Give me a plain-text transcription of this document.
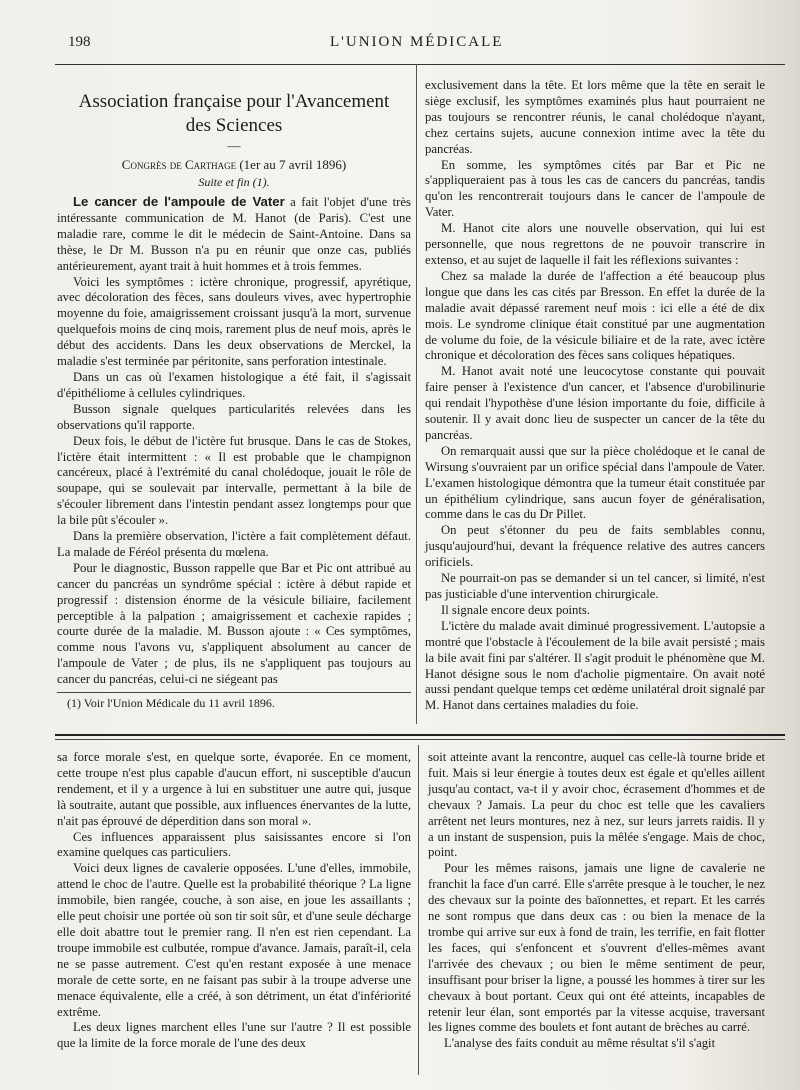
198	L'UNION MÉDICALE
Association française pour l'Avancement
des Sciences
—
Congrès de Carthage (1er au 7 avril 1896)
Suite et fin (1).

Le cancer de l'ampoule de Vater a fait l'objet d'une très intéressante communication de M. Hanot (de Paris). C'est une maladie rare, comme le dit le médecin de Saint-Antoine. Dans sa thèse, le Dr M. Busson n'a pu en réunir que onze cas, publiés antérieurement, ayant trait à huit hommes et à trois femmes.

Voici les symptômes : ictère chronique, progressif, apyrétique, avec décoloration des fèces, sans douleurs vives, avec hypertrophie moyenne du foie, amaigrissement croissant jusqu'à la mort, survenue quelquefois moins de cinq mois, rarement plus de neuf mois, après le début des accidents. Dans les deux observations de Merckel, la maladie s'est terminée par péritonite, sans perforation intestinale.

Dans un cas où l'examen histologique a été fait, il s'agissait d'épithéliome à cellules cylindriques.

Busson signale quelques particularités relevées dans les observations qu'il rapporte.

Deux fois, le début de l'ictère fut brusque. Dans le cas de Stokes, l'ictère était intermittent : « Il est probable que le champignon cancéreux, placé à l'extrémité du canal cholédoque, jouait le rôle de soupape, qui se soulevait par intervalle, permettant à la bile de s'écouler librement dans l'intestin pendant assez longtemps pour que la bile pût s'écouler ».

Dans la première observation, l'ictère a fait complètement défaut. La malade de Féréol présenta du mœlena.

Pour le diagnostic, Busson rappelle que Bar et Pic ont attribué au cancer du pancréas un syndrôme spécial : ictère à début rapide et progressif : distension énorme de la vésicule biliaire, facilement perceptible à la palpation ; amaigrissement et cachexie rapides ; courte durée de la maladie. M. Busson ajoute : « Ces symptômes, comme nous l'avons vu, s'appliquent absolument au cancer de l'ampoule de Vater ; de plus, ils ne s'appliquent pas toujours au cancer du pancréas, celui-ci ne siégeant pas

(1) Voir l'Union Médicale du 11 avril 1896.

exclusivement dans la tête. Et lors même que la tête en serait le siège exclusif, les symptômes examinés plus haut pourraient ne pas toujours se rencontrer réunis, le canal cholédoque n'ayant, chez certains sujets, aucune connexion intime avec la tête du pancréas.

En somme, les symptômes cités par Bar et Pic ne s'appliqueraient pas à tous les cas de cancers du pancréas, tandis qu'on les rencontrerait toujours dans le cancer de l'ampoule de Vater.

M. Hanot cite alors une nouvelle observation, qui lui est personnelle, que nous regrettons de ne pouvoir transcrire in extenso, et au sujet de laquelle il fait les réflexions suivantes :

Chez sa malade la durée de l'affection a été beaucoup plus longue que dans les cas cités par Bresson. En effet la durée de la maladie avait dépassé rarement neuf mois : ici elle a été de dix mois. Le syndrome clinique était constitué par une augmentation de volume du foie, de la vésicule biliaire et de la rate, avec ictère chronique et décoloration des fèces sans coliques hépatiques.

M. Hanot avait noté une leucocytose constante qui pouvait faire penser à l'existence d'un cancer, et l'absence d'urobilinurie qui rendait l'hypothèse d'une lésion importante du foie, difficile à soutenir. Il y avait donc lieu de suspecter un cancer de la tête du pancréas.

On remarquait aussi que sur la pièce cholédoque et le canal de Wirsung s'ouvraient par un orifice spécial dans l'ampoule de Vater. L'examen histologique démontra que la tumeur était constituée par un épithélium cylindrique, sans aucun foyer de généralisation, comme dans le cas du Dr Pillet.

On peut s'étonner du peu de faits semblables connu, jusqu'aujourd'hui, devant la fréquence relative des autres cancers orificiels.

Ne pourrait-on pas se demander si un tel cancer, si limité, n'est pas justiciable d'une intervention chirurgicale.

Il signale encore deux points.

L'ictère du malade avait diminué progressivement. L'autopsie a montré que l'obstacle à l'écoulement de la bile avait persisté ; mais la bile avait fini par s'altérer. Il s'agit produit le phénomène que M. Hanot désigne sous le nom d'acholie pigmentaire. On avait noté aussi pendant quelque temps cet œdème unilatéral droit signalé par M. Hanot dans certaines maladies du foie.

sa force morale s'est, en quelque sorte, évaporée. En ce moment, cette troupe n'est plus capable d'aucun effort, ni susceptible d'aucun rendement, et il y a urgence à lui en substituer une autre qui, jusque là soutraite, autant que possible, aux influences énervantes de la lutte, n'ait pas éprouvé de déperdition dans son moral ».

Ces influences apparaissent plus saisissantes encore si l'on examine quelques cas particuliers.

Voici deux lignes de cavalerie opposées. L'une d'elles, immobile, attend le choc de l'autre. Quelle est la probabilité théorique ? La ligne immobile, bien rangée, couche, à son aise, en joue les assaillants ; elle peut choisir une portée où son tir soit sûr, et d'une seule décharge elle doit abattre tout le premier rang. Il n'en est rien cependant. La troupe immobile est culbutée, rompue d'avance. Jamais, paraît-il, cela ne se passe autrement. C'est qu'en restant exposée à une menace morale de cette sorte, en ne faisant pas subir à la troupe adverse une menace équivalente, elle a créé, à son détriment, un état d'infériorité extrême.

Les deux lignes marchent elles l'une sur l'autre ? Il est possible que la limite de la force morale de l'une des deux

soit atteinte avant la rencontre, auquel cas celle-là tourne bride et fuit. Mais si leur énergie à toutes deux est égale et qu'elles aillent jusqu'au contact, va-t il y avoir choc, écrasement d'hommes et de chevaux ? Jamais. La peur du choc est telle que les cavaliers arrêtent net leurs montures, nez à nez, sur leurs jarrets raidis. Il y a un instant de suspension, puis la mêlée s'engage. Mais de choc, point.

Pour les mêmes raisons, jamais une ligne de cavalerie ne franchit la face d'un carré. Elle s'arrête presque à le toucher, le nez des chevaux sur la pointe des baïonnettes, et repart. Et les carrés ne sont rompus que dans deux cas : ou bien la menace de la trombe qui arrive sur eux à fond de train, les terrifie, en fait flotter les faces, qui s'enfoncent et s'ouvrent d'elles-mêmes avant l'arrivée des chevaux ; ou bien le même sentiment de peur, insuffisant pour briser la ligne, a poussé les hommes à tirer sur les chevaux à bout portant. Ceux qui ont été atteints, incapables de retenir leur élan, sont emportés par la vitesse acquise, traversant les lignes comme des boulets et font autant de brèches au carré.

L'analyse des faits conduit au même résultat s'il s'agit
